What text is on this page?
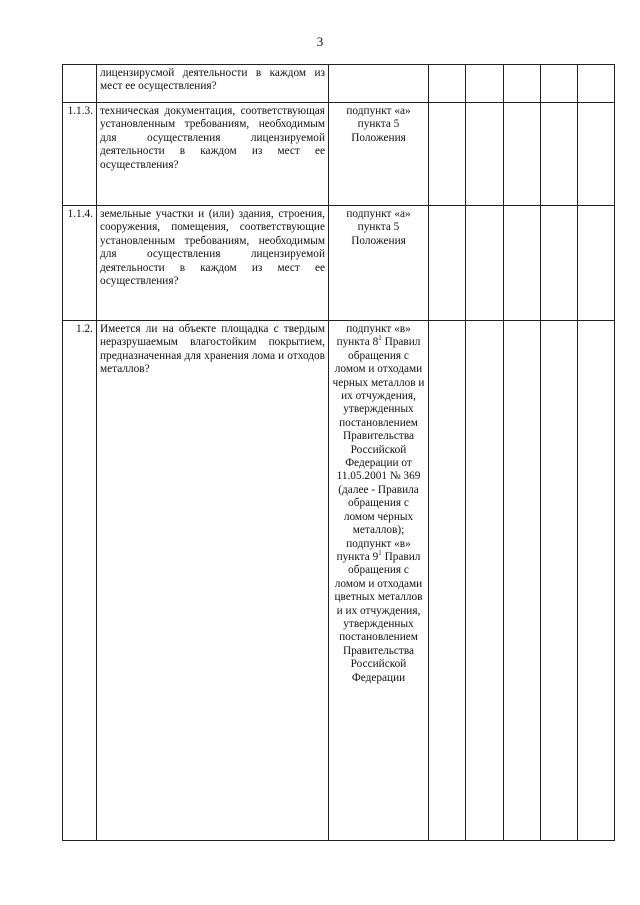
3
	лицензирусмой деятельности в каждом из мест ее осуществления?						
1.1.3.	техническая документация, соответствующая установленным требованиям, необходимым для осуществления лицензируемой деятельности в каждом из мест ее осуществления?	подпункт «а» пункта 5 Положения					
1.1.4.	земельные участки и (или) здания, строения, сооружения, помещения, соответствующие установленным требованиям, необходимым для осуществления лицензируемой деятельности в каждом из мест ее осуществления?	подпункт «а» пункта 5 Положения					
1.2.	Имеется ли на объекте площадка с твердым неразрушаемым влагостойким покрытием, предназначенная для хранения лома и отходов металлов?	подпункт «в» пункта $8^1$ Правил обращения с ломом и отходами черных металлов и их отчуждения, утвержденных постановлением Правительства Российской Федерации от 11.05.2001 № 369 (далее - Правила обращения с ломом черных металлов); подпункт «в» пункта $9^1$ Правил обращения с ломом и отходами цветных металлов и их отчуждения, утвержденных постановлением Правительства Российской Федерации					
